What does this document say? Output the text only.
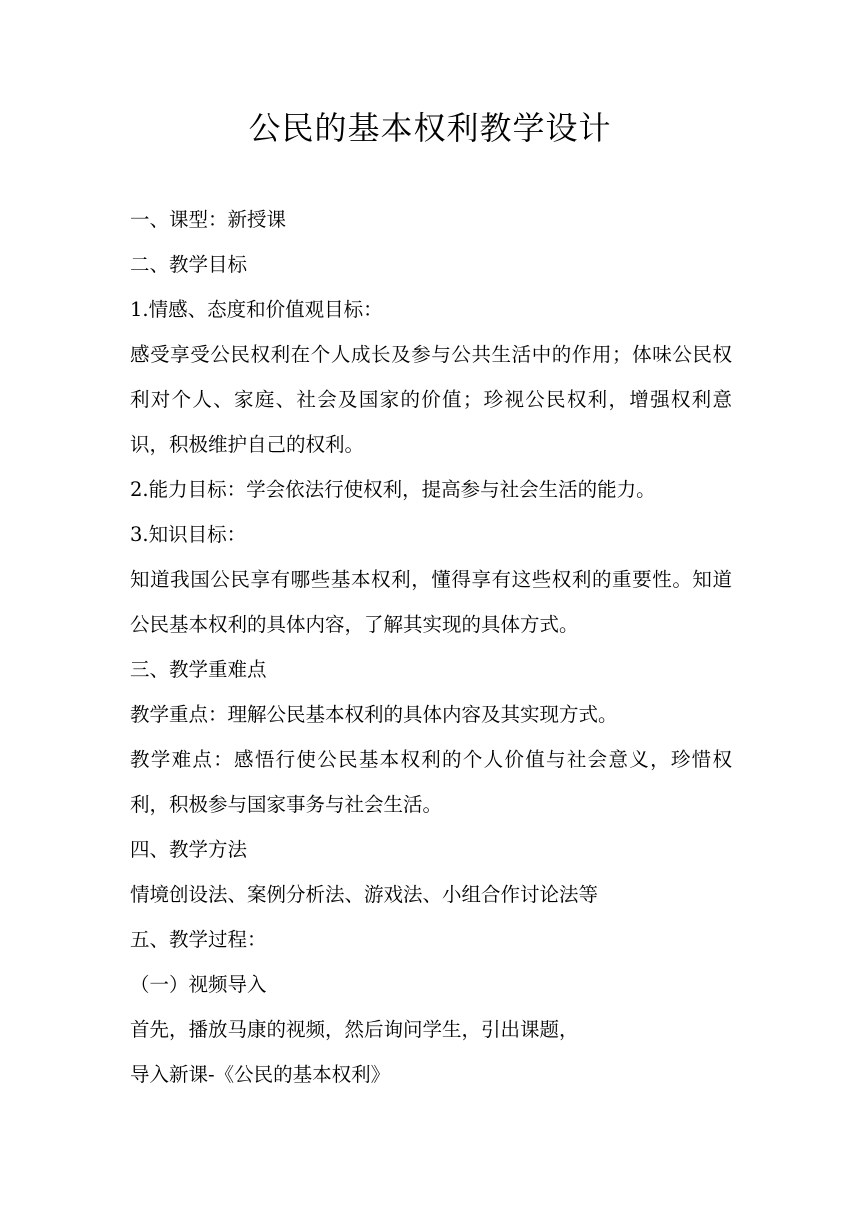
公民的基本权利教学设计

一、课型：新授课

二、教学目标

1.情感、态度和价值观目标：

感受享受公民权利在个人成长及参与公共生活中的作用；体味公民权利对个人、家庭、社会及国家的价值；珍视公民权利，增强权利意识，积极维护自己的权利。

2.能力目标：学会依法行使权利，提高参与社会生活的能力。

3.知识目标：

知道我国公民享有哪些基本权利，懂得享有这些权利的重要性。知道公民基本权利的具体内容，了解其实现的具体方式。

三、教学重难点

教学重点：理解公民基本权利的具体内容及其实现方式。

教学难点：感悟行使公民基本权利的个人价值与社会意义，珍惜权利，积极参与国家事务与社会生活。

四、教学方法

情境创设法、案例分析法、游戏法、小组合作讨论法等

五、教学过程：

（一）视频导入

首先，播放马康的视频，然后询问学生，引出课题，

导入新课-《公民的基本权利》
